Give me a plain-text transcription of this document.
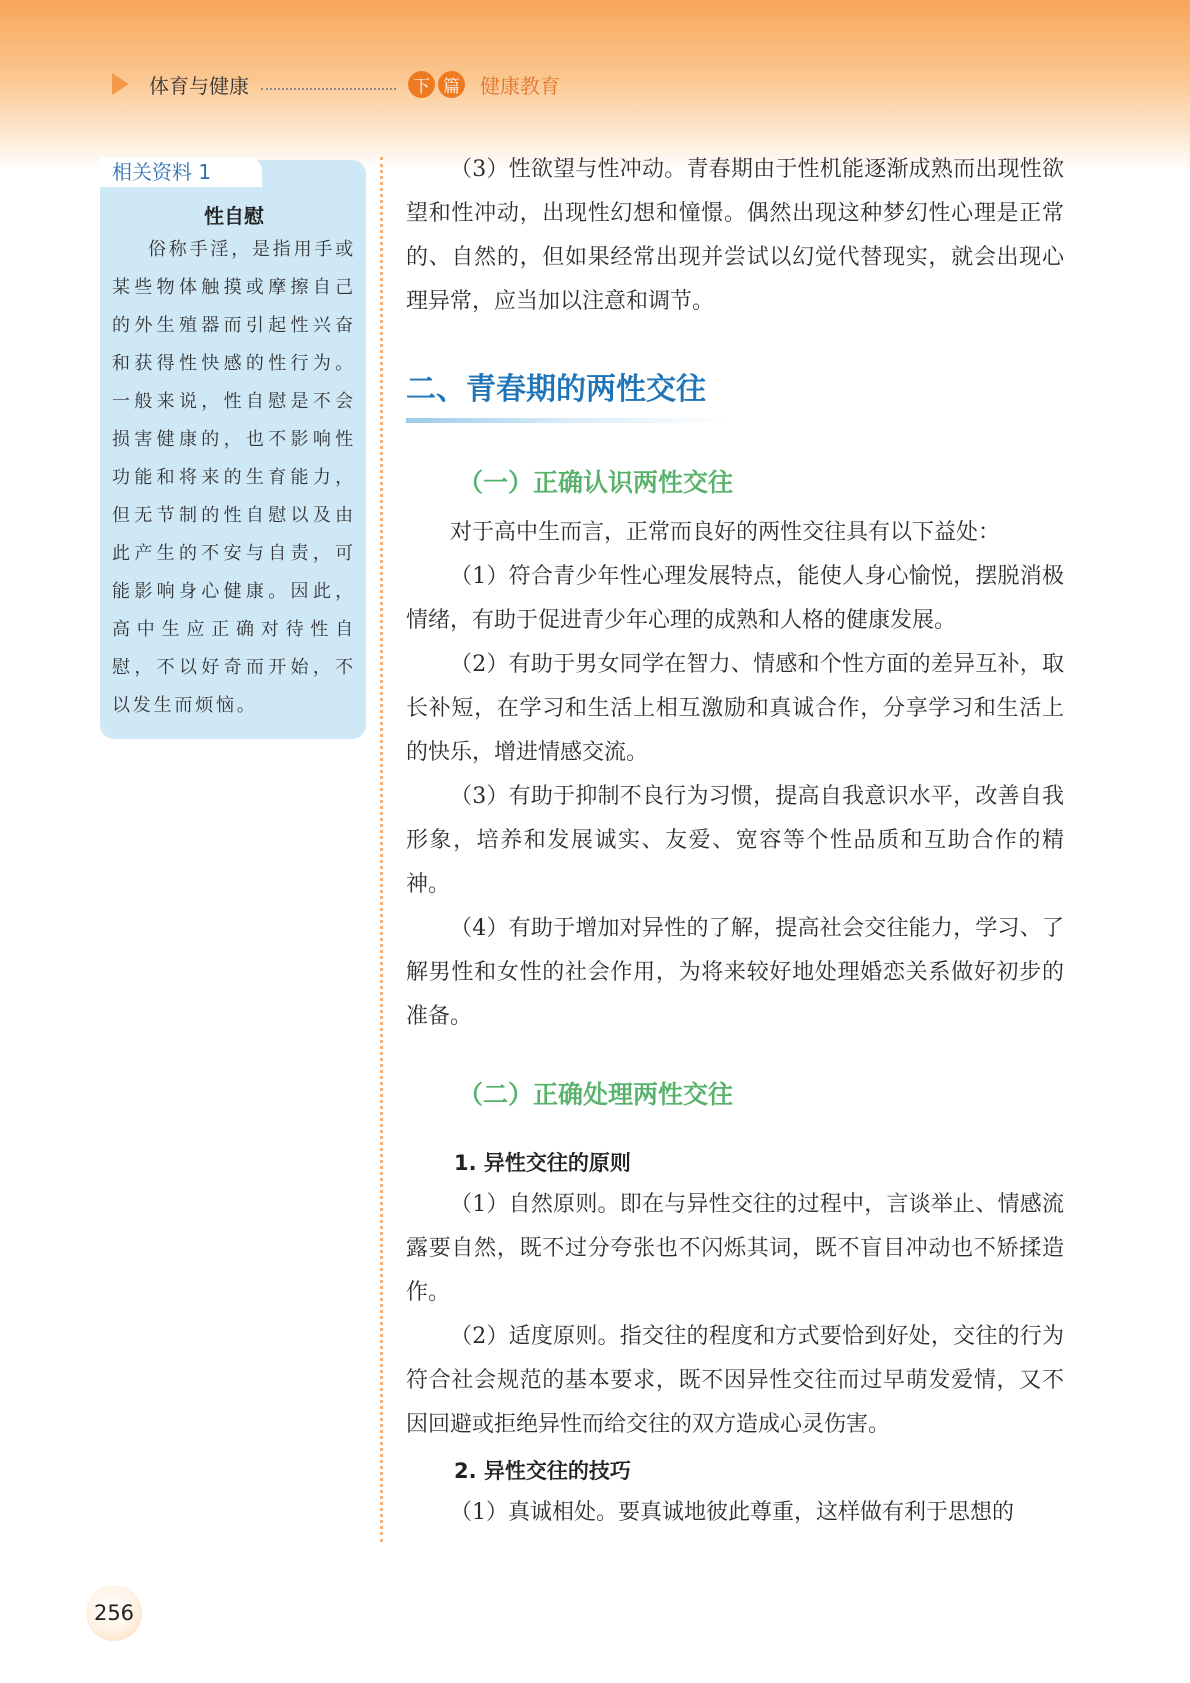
体育与健康	下 篇 健康教育
性自慰
俗称手淫，是指用手或某些物体触摸或摩擦自己的外生殖器而引起性兴奋和获得性快感的性行为。一般来说，性自慰是不会损害健康的，也不影响性功能和将来的生育能力，但无节制的性自慰以及由此产生的不安与自责，可能影响身心健康。因此，高中生应正确对待性自慰，不以好奇而开始，不以发生而烦恼。
相关资料 1	（3）性欲望与性冲动。青春期由于性机能逐渐成熟而出现性欲望和性冲动，出现性幻想和憧憬。偶然出现这种梦幻性心理是正常的、自然的，但如果经常出现并尝试以幻觉代替现实，就会出现心理异常，应当加以注意和调节。

二、青春期的两性交往
（一）正确认识两性交往

对于高中生而言，正常而良好的两性交往具有以下益处：

（1）符合青少年性心理发展特点，能使人身心愉悦，摆脱消极情绪，有助于促进青少年心理的成熟和人格的健康发展。

（2）有助于男女同学在智力、情感和个性方面的差异互补，取长补短，在学习和生活上相互激励和真诚合作，分享学习和生活上的快乐，增进情感交流。

（3）有助于抑制不良行为习惯，提高自我意识水平，改善自我形象，培养和发展诚实、友爱、宽容等个性品质和互助合作的精神。

（4）有助于增加对异性的了解，提高社会交往能力，学习、了解男性和女性的社会作用，为将来较好地处理婚恋关系做好初步的准备。

（二）正确处理两性交往
1. 异性交往的原则

（1）自然原则。即在与异性交往的过程中，言谈举止、情感流露要自然，既不过分夸张也不闪烁其词，既不盲目冲动也不矫揉造作。

（2）适度原则。指交往的程度和方式要恰到好处，交往的行为符合社会规范的基本要求，既不因异性交往而过早萌发爱情，又不因回避或拒绝异性而给交往的双方造成心灵伤害。

2. 异性交往的技巧

（1）真诚相处。要真诚地彼此尊重，这样做有利于思想的

256
